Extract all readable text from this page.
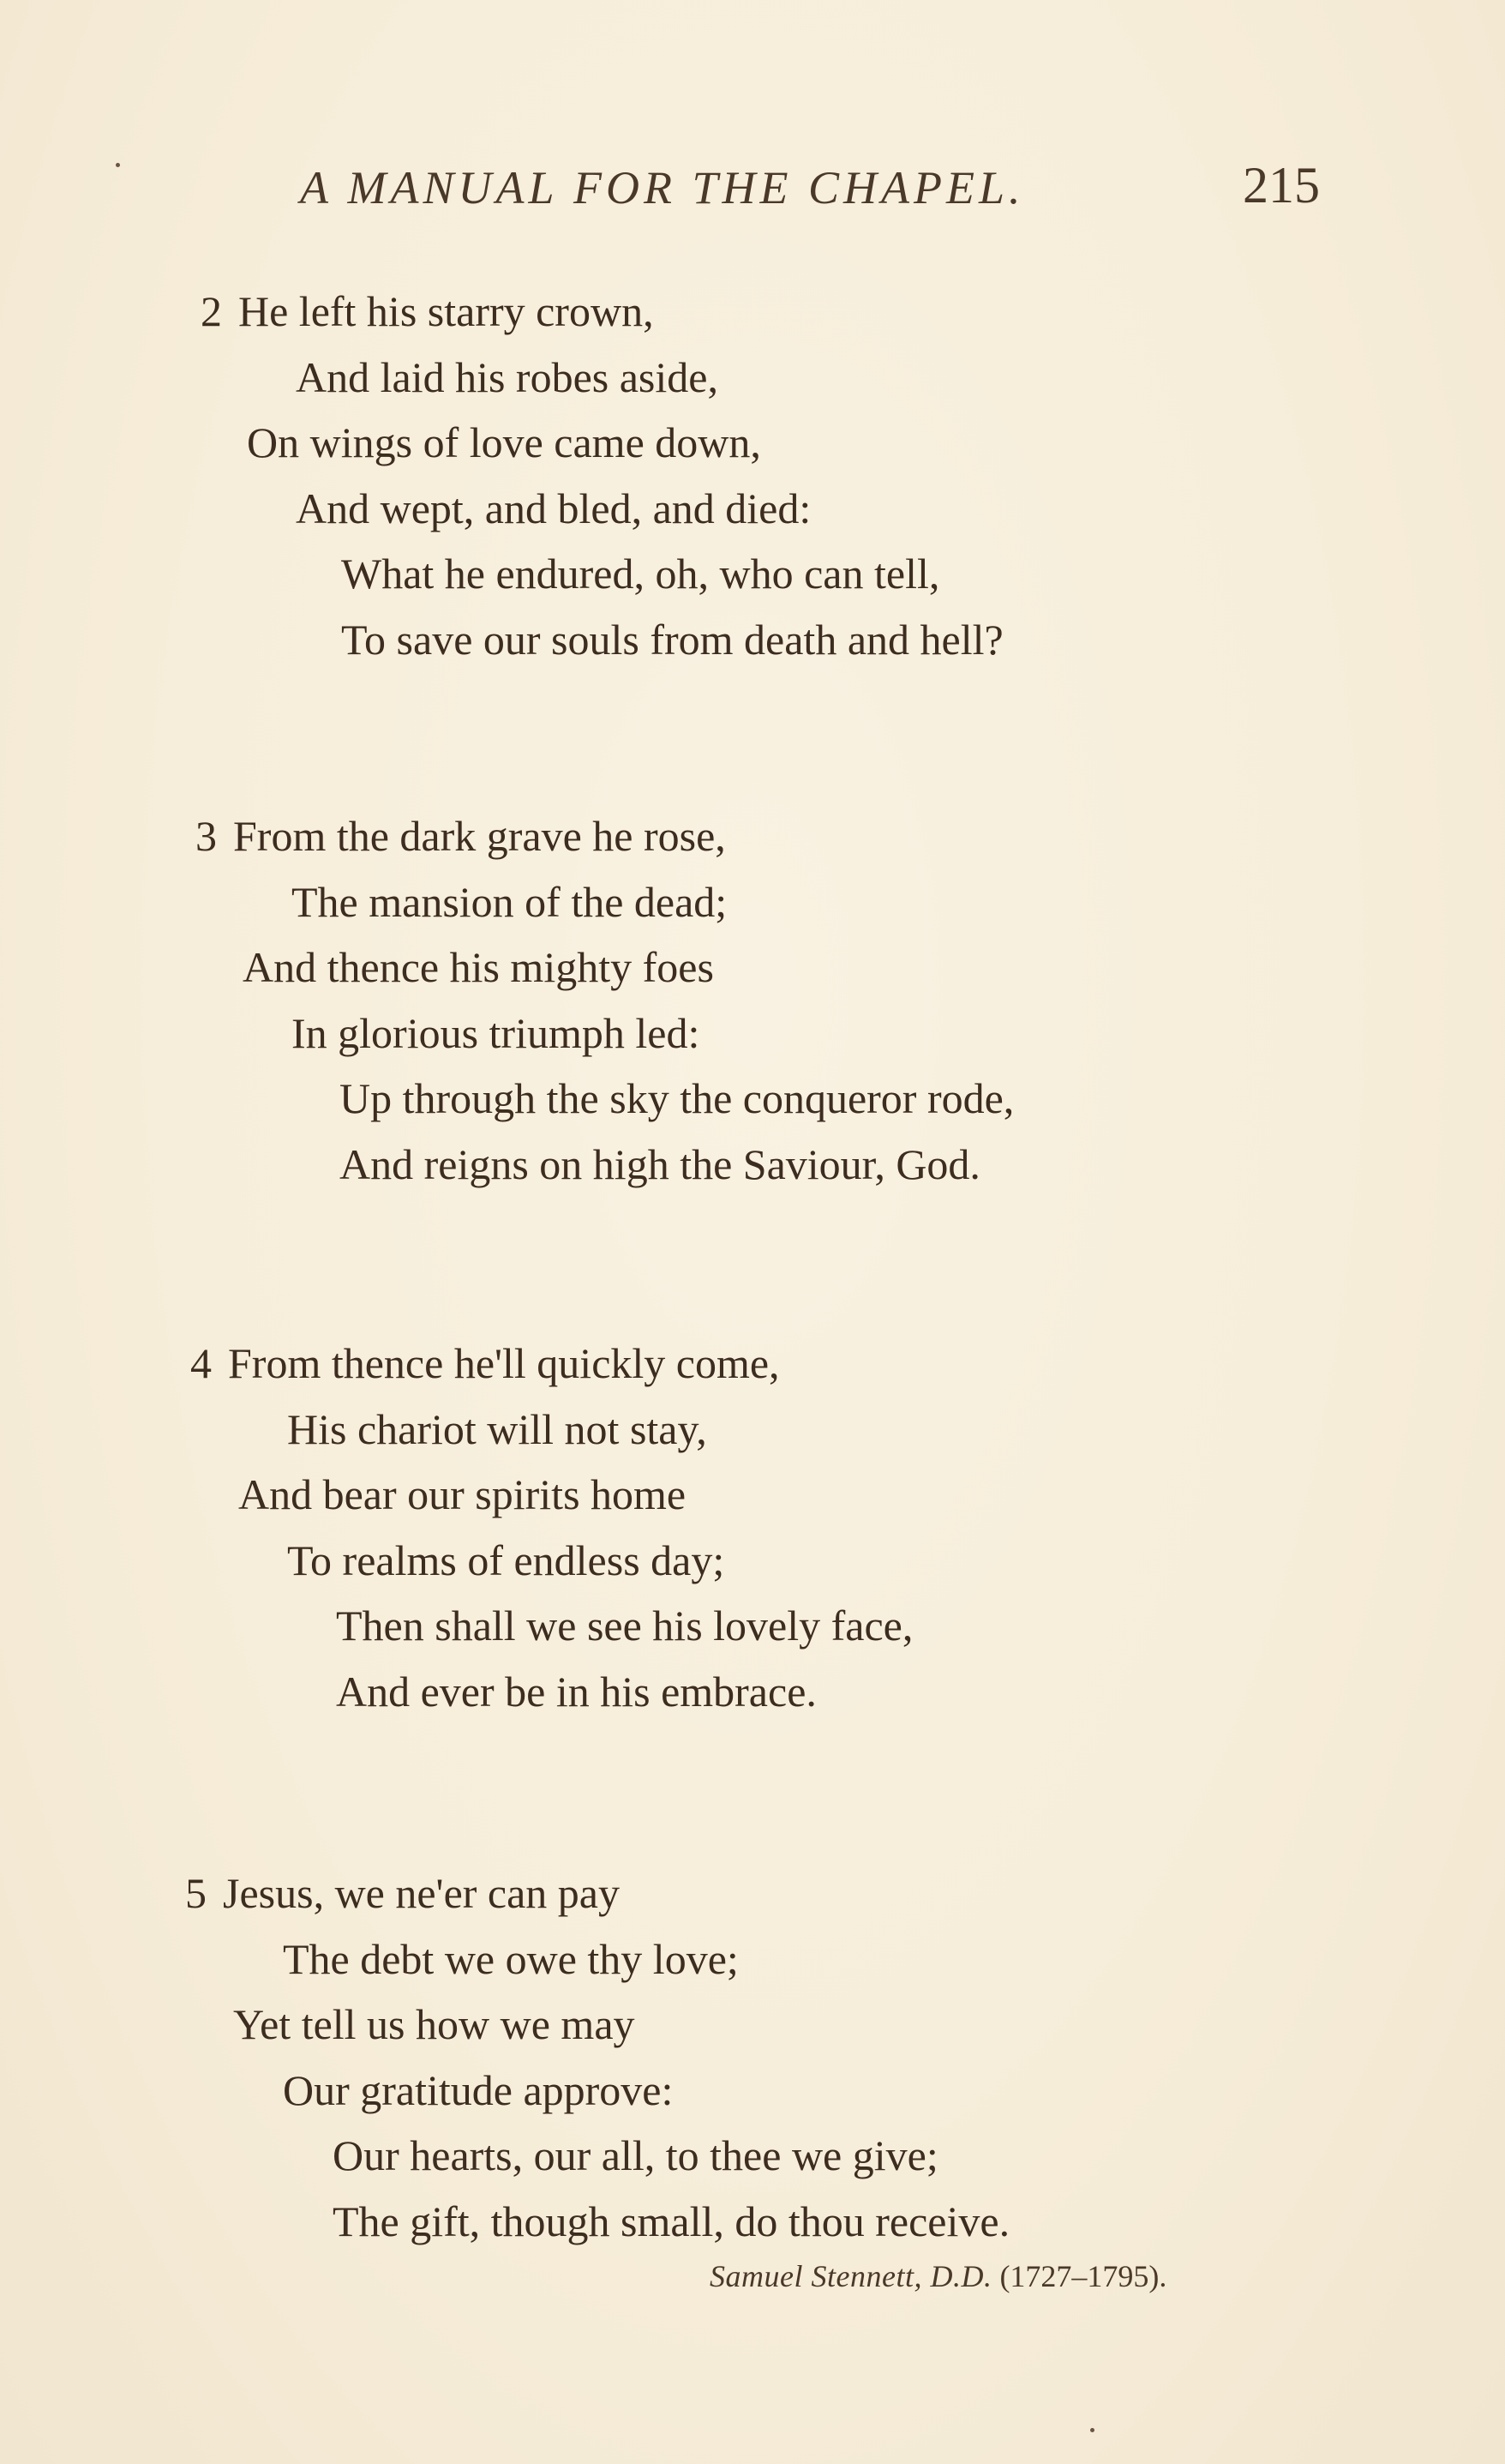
A MANUAL FOR THE CHAPEL.	215
2 He left his starry crown,
And laid his robes aside,
On wings of love came down,
And wept, and bled, and died:
What he endured, oh, who can tell,
To save our souls from death and hell?
3 From the dark grave he rose,
The mansion of the dead;
And thence his mighty foes
In glorious triumph led:
Up through the sky the conqueror rode,
And reigns on high the Saviour, God.
4 From thence he'll quickly come,
His chariot will not stay,
And bear our spirits home
To realms of endless day;
Then shall we see his lovely face,
And ever be in his embrace.
5 Jesus, we ne'er can pay
The debt we owe thy love;
Yet tell us how we may
Our gratitude approve:
Our hearts, our all, to thee we give;
The gift, though small, do thou receive.
Samuel Stennett, D.D. (1727–1795).
